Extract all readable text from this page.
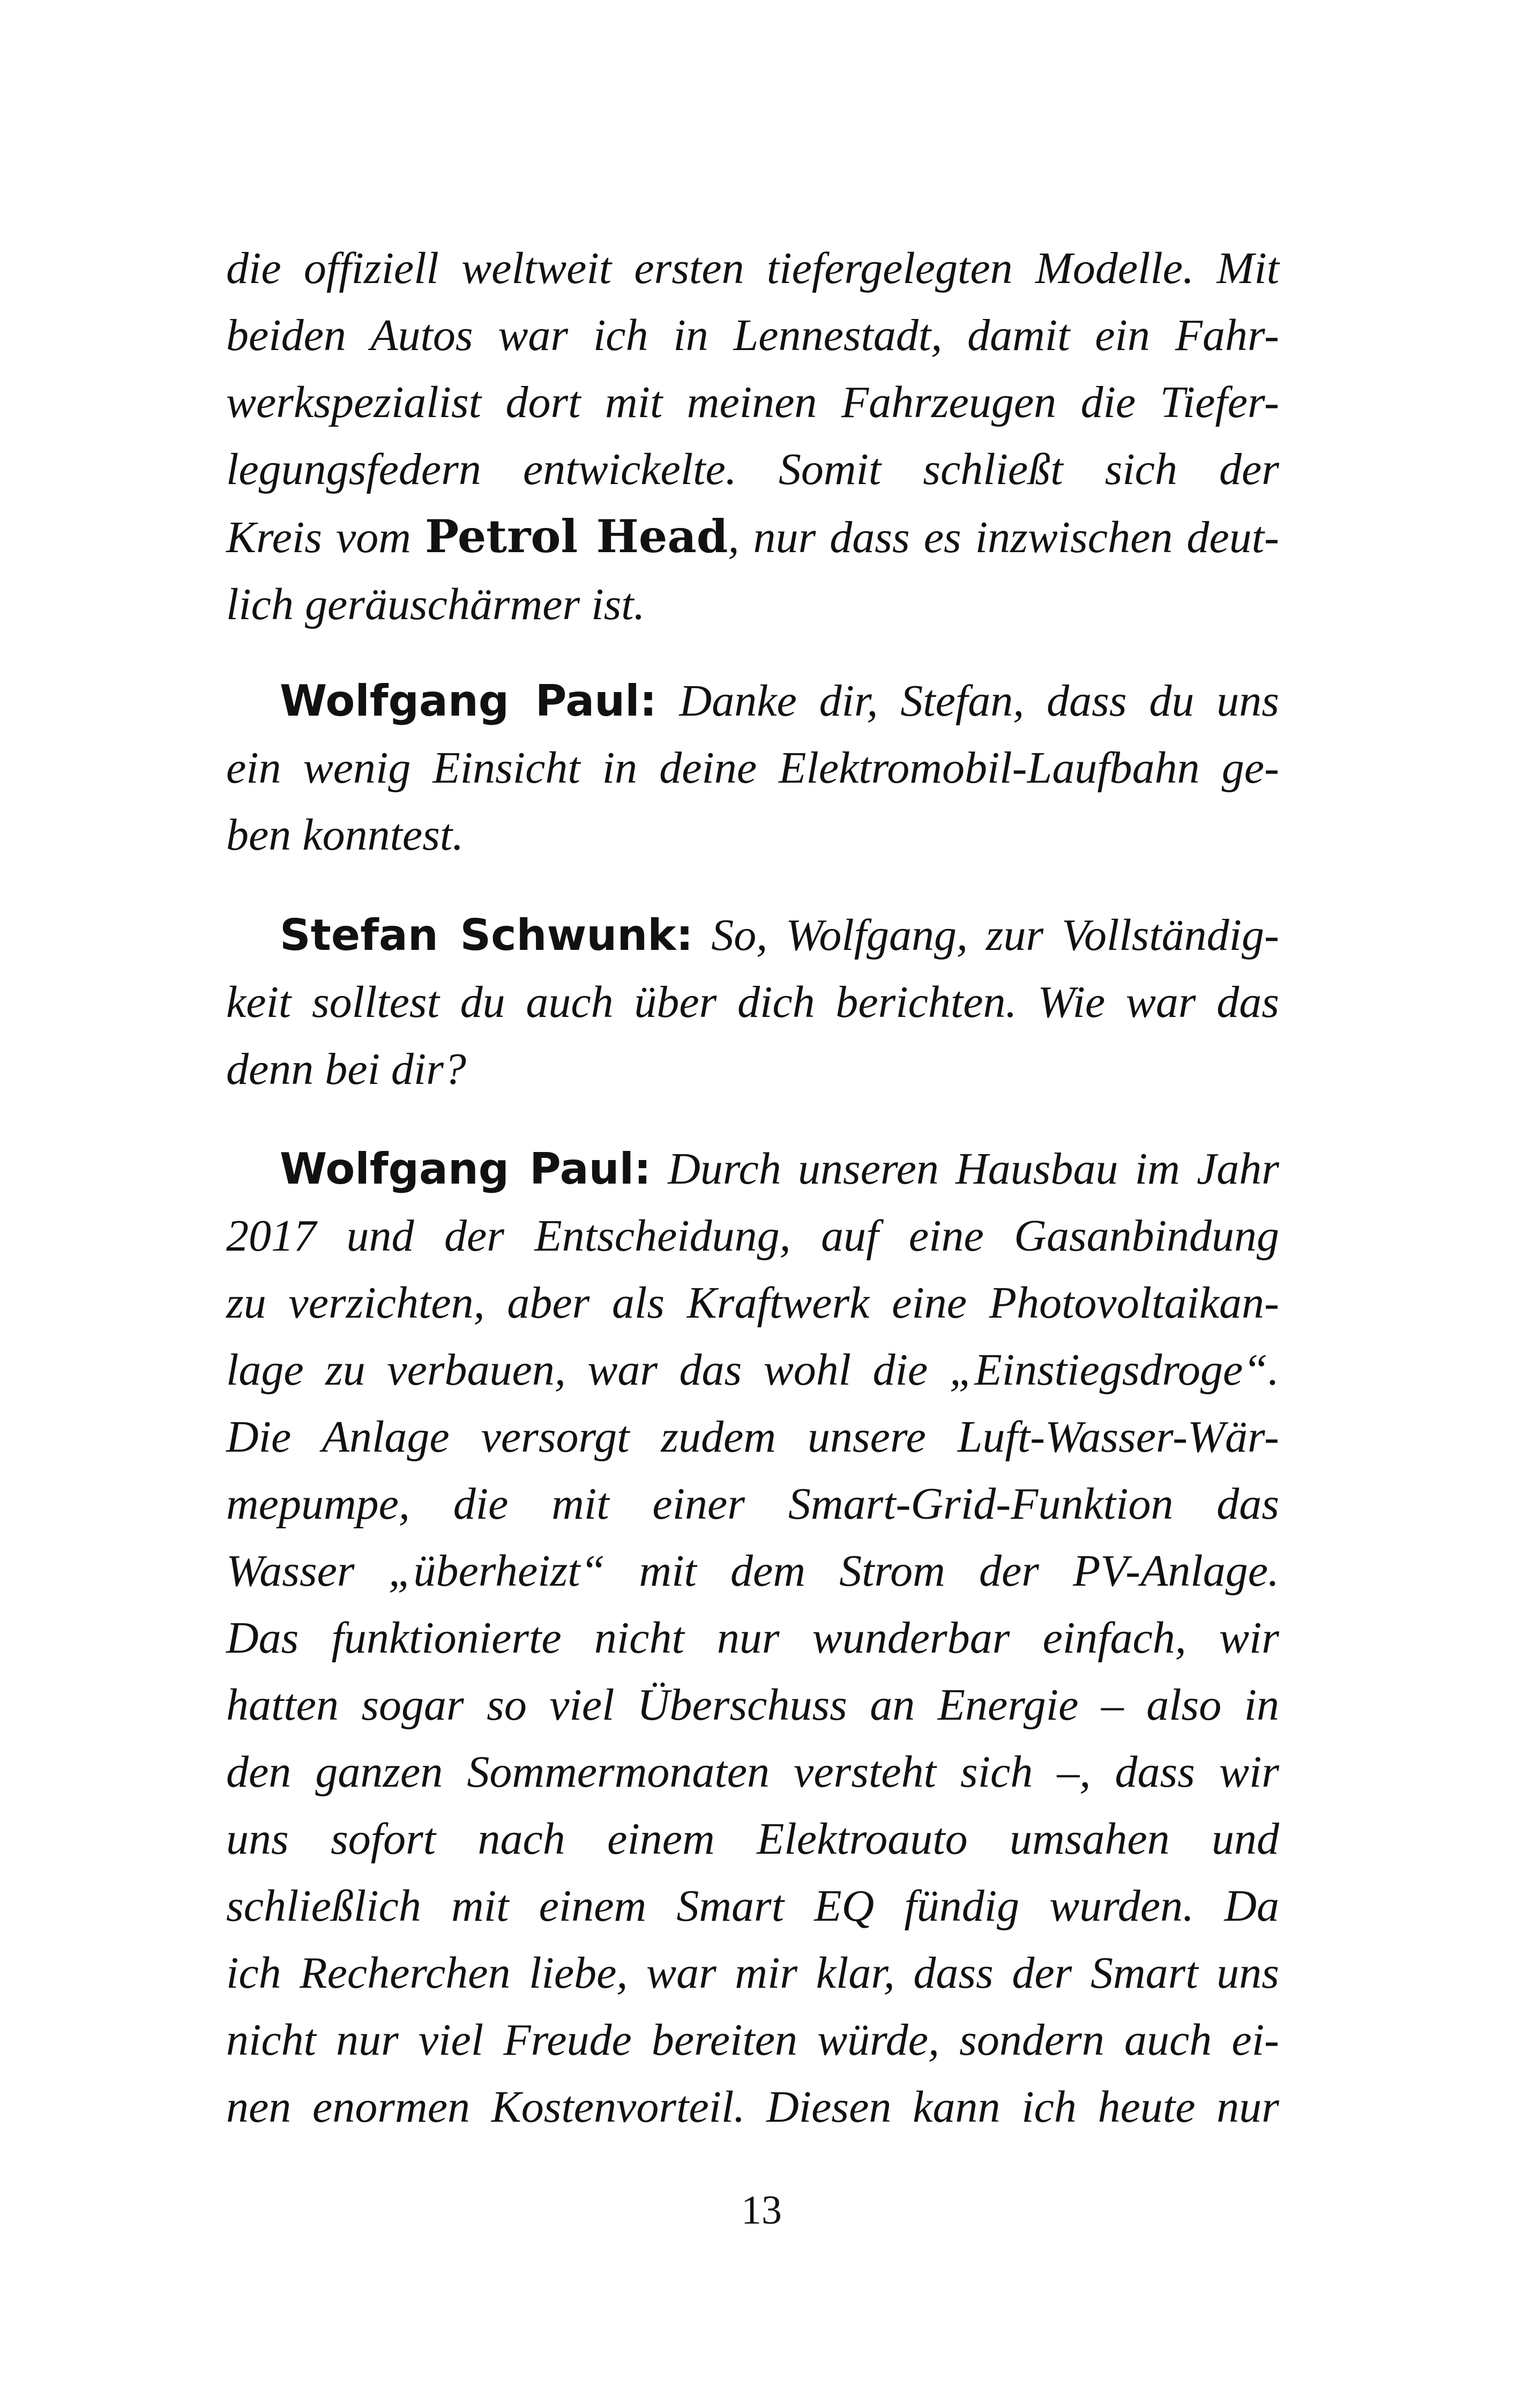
die offiziell weltweit ersten tiefergelegten Modelle. Mit
beiden Autos war ich in Lennestadt, damit ein Fahr-
werkspezialist dort mit meinen Fahrzeugen die Tiefer-
legungsfedern entwickelte. Somit schließt sich der
Kreis vom Petrol Head, nur dass es inzwischen deut-
lich geräuschärmer ist.

Wolfgang Paul: Danke dir, Stefan, dass du uns
ein wenig Einsicht in deine Elektromobil-Laufbahn ge-
ben konntest.

Stefan Schwunk: So, Wolfgang, zur Vollständig-
keit solltest du auch über dich berichten. Wie war das
denn bei dir?

Wolfgang Paul: Durch unseren Hausbau im Jahr
2017 und der Entscheidung, auf eine Gasanbindung
zu verzichten, aber als Kraftwerk eine Photovoltaikan-
lage zu verbauen, war das wohl die „Einstiegsdroge“.
Die Anlage versorgt zudem unsere Luft-Wasser-Wär-
mepumpe, die mit einer Smart-Grid-Funktion das
Wasser „überheizt“ mit dem Strom der PV-Anlage.
Das funktionierte nicht nur wunderbar einfach, wir
hatten sogar so viel Überschuss an Energie – also in
den ganzen Sommermonaten versteht sich –, dass wir
uns sofort nach einem Elektroauto umsahen und
schließlich mit einem Smart EQ fündig wurden. Da
ich Recherchen liebe, war mir klar, dass der Smart uns
nicht nur viel Freude bereiten würde, sondern auch ei-
nen enormen Kostenvorteil. Diesen kann ich heute nur

13
